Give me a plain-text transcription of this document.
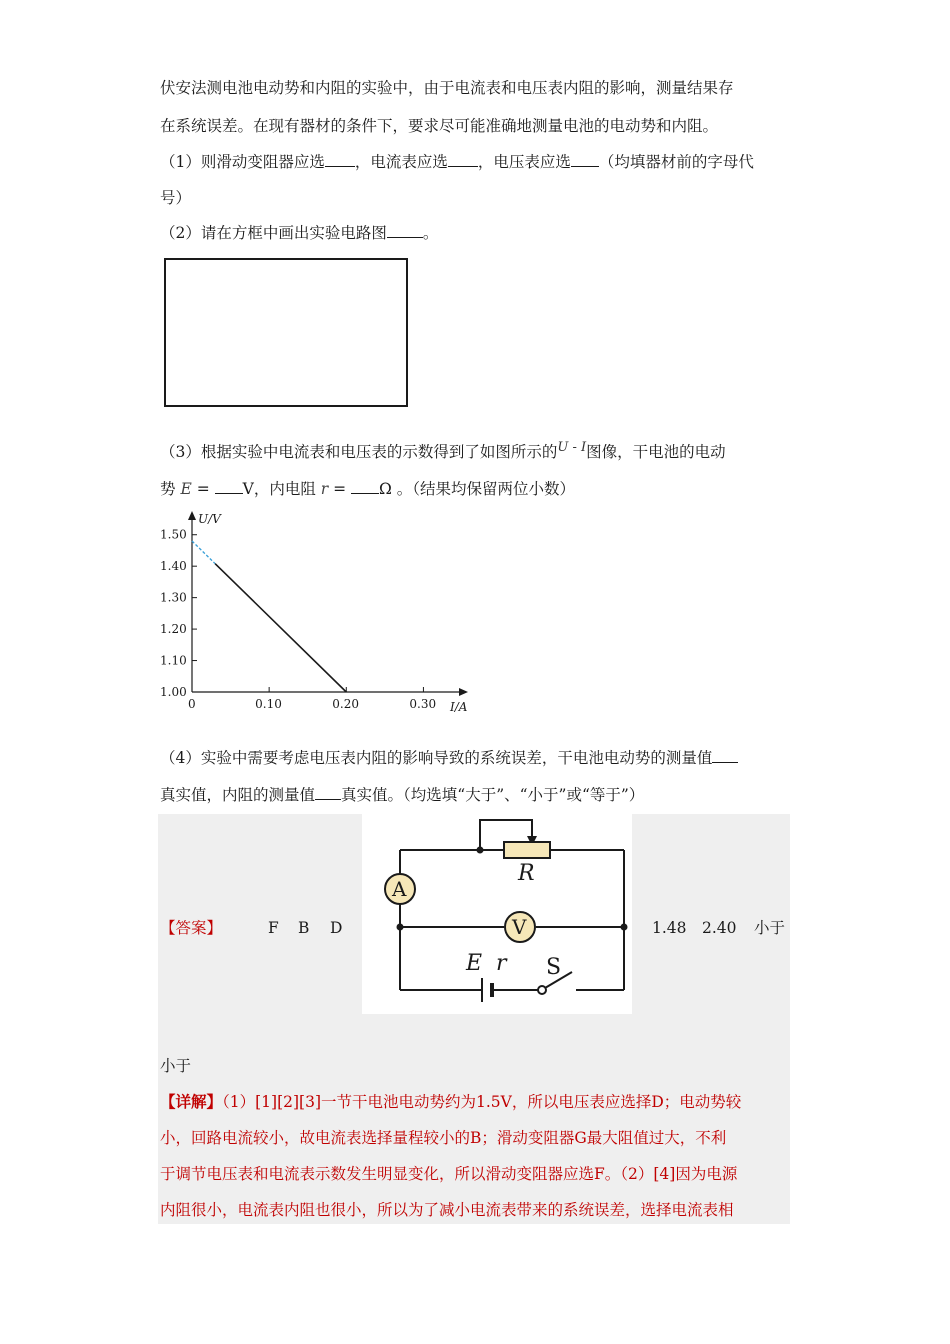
伏安法测电池电动势和内阻的实验中，由于电流表和电压表内阻的影响，测量结果存
在系统误差。在现有器材的条件下，要求尽可能准确地测量电池的电动势和内阻。
（1）则滑动变阻器应选 ，电流表应选 ，电压表应选 （均填器材前的字母代
号）
（2）请在方框中画出实验电路图 。
（3）根据实验中电流表和电压表的示数得到了如图所示的$^{U - I}$图像，干电池的电动
势 E = V，内电阻 r = Ω 。（结果均保留两位小数）
U/V
I/A
1.00
1.10
1.20
1.30
1.40
1.50
0	0.10	0.20	0.30
（4）实验中需要考虑电压表内阻的影响导致的系统误差，干电池电动势的测量值
真实值，内阻的测量值 真实值。（均选填“大于”、“小于”或“等于”）
【答案】	F B D	1.48 2.40 小于
小于
R
A
V
E r S
【详解】（1）[1][2][3]一节干电池电动势约为1.5V，所以电压表应选择D；电动势较
小，回路电流较小，故电流表选择量程较小的B；滑动变阻器G最大阻值过大，不利
于调节电压表和电流表示数发生明显变化，所以滑动变阻器应选F。（2）[4]因为电源
内阻很小，电流表内阻也很小，所以为了减小电流表带来的系统误差，选择电流表相
